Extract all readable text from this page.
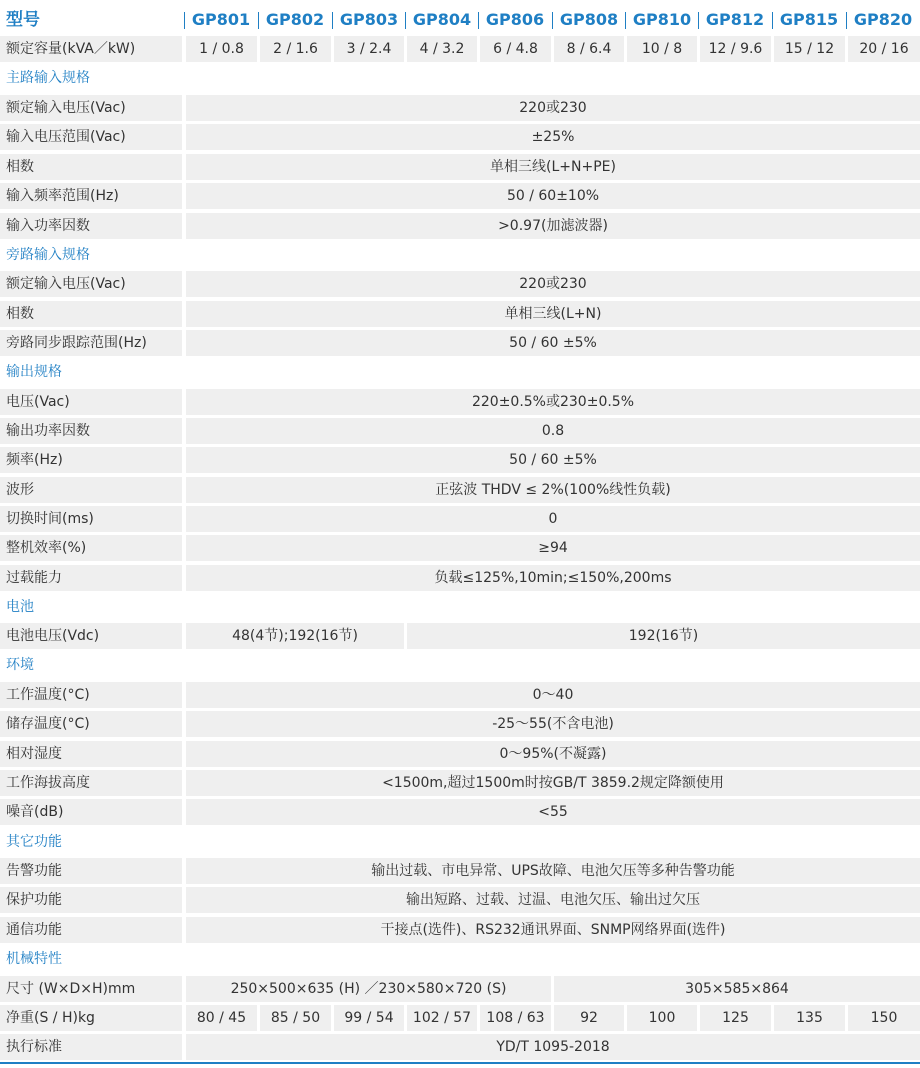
型号	GP801 GP802 GP803 GP804 GP806 GP808 GP810 GP812 GP815 GP820
额定容量(kVA／kW)	1 / 0.8	2 / 1.6	3 / 2.4	4 / 3.2	6 / 4.8	8 / 6.4	10 / 8	12 / 9.6	15 / 12	20 / 16
主路输入规格
额定输入电压(Vac)	220或230
输入电压范围(Vac)	±25%
相数	单相三线(L+N+PE)
输入频率范围(Hz)	50 / 60±10%
输入功率因数	>0.97(加滤波器)
旁路输入规格
额定输入电压(Vac)	220或230
相数	单相三线(L+N)
旁路同步跟踪范围(Hz)	50 / 60 ±5%
输出规格
电压(Vac)	220±0.5%或230±0.5%
输出功率因数	0.8
频率(Hz)	50 / 60 ±5%
波形	正弦波 THDV ≤ 2%(100%线性负载)
切换时间(ms)	0
整机效率(%)	≥94
过载能力	负载≤125%,10min;≤150%,200ms
电池
电池电压(Vdc)	48(4节);192(16节)	192(16节)
环境
工作温度(°C)	0～40
储存温度(°C)	-25～55(不含电池)
相对湿度	0～95%(不凝露)
工作海拔高度	<1500m,超过1500m时按GB/T 3859.2规定降额使用
噪音(dB)	<55
其它功能
告警功能	输出过载、市电异常、UPS故障、电池欠压等多种告警功能
保护功能	输出短路、过载、过温、电池欠压、输出过欠压
通信功能	干接点(选件)、RS232通讯界面、SNMP网络界面(选件)
机械特性
尺寸 (W×D×H)mm	250×500×635 (H) ／230×580×720 (S)	305×585×864
净重(S / H)kg	80 / 45	85 / 50	99 / 54	102 / 57	108 / 63	92	100	125	135	150
执行标准	YD/T 1095-2018
